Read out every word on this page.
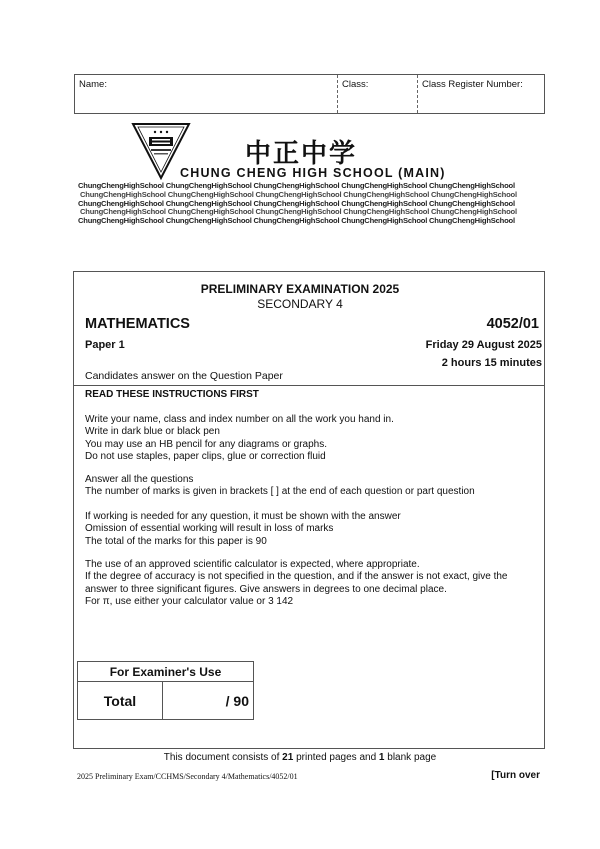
Name:	Class:	Class Register Number:
中正中学
CHUNG CHENG HIGH SCHOOL (MAIN)
ChungChengHighSchool ChungChengHighSchool ChungChengHighSchool ChungChengHighSchool ChungChengHighSchool
ChungChengHighSchool ChungChengHighSchool ChungChengHighSchool ChungChengHighSchool ChungChengHighSchool
ChungChengHighSchool ChungChengHighSchool ChungChengHighSchool ChungChengHighSchool ChungChengHighSchool
ChungChengHighSchool ChungChengHighSchool ChungChengHighSchool ChungChengHighSchool ChungChengHighSchool
ChungChengHighSchool ChungChengHighSchool ChungChengHighSchool ChungChengHighSchool ChungChengHighSchool
PRELIMINARY EXAMINATION 2025
SECONDARY 4
MATHEMATICS	4052/01
Paper 1	Friday 29 August 2025
2 hours 15 minutes
Candidates answer on the Question Paper
READ THESE INSTRUCTIONS FIRST
Write your name, class and index number on all the work you hand in.
Write in dark blue or black pen
You may use an HB pencil for any diagrams or graphs.
Do not use staples, paper clips, glue or correction fluid
Answer all the questions
The number of marks is given in brackets [ ] at the end of each question or part question
If working is needed for any question, it must be shown with the answer
Omission of essential working will result in loss of marks
The total of the marks for this paper is 90
The use of an approved scientific calculator is expected, where appropriate.
If the degree of accuracy is not specified in the question, and if the answer is not exact, give the
answer to three significant figures. Give answers in degrees to one decimal place.
For π, use either your calculator value or 3 142
For Examiner's Use
Total	/ 90
This document consists of 21 printed pages and 1 blank page
2025 Preliminary Exam/CCHMS/Secondary 4/Mathematics/4052/01	[Turn over
